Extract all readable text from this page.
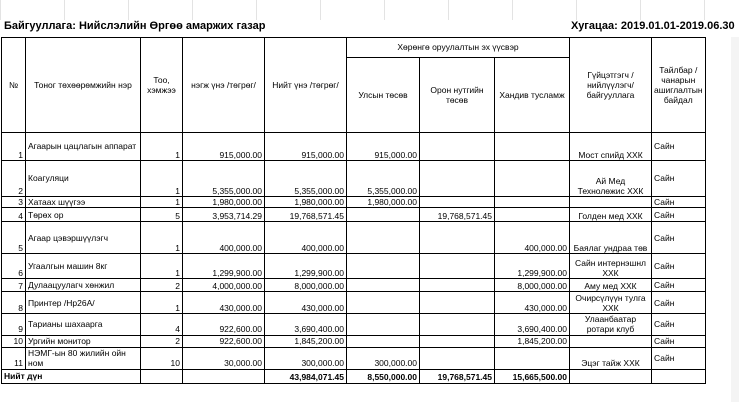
Байгууллага: Нийслэлийн Өргөө амаржих газар	Хугацаа: 2019.01.01-2019.06.30
№	Тоног төхөөрөмжийн нэр	Тоо, хэмжээ	нэгж үнэ /төгрөг/	Нийт үнэ /төгрөг/	Хөрөнгө оруулалтын эх үүсвэр			Гүйцэтгэгч /нийлүүлэгч/ байгууллага	Тайлбар /чанарын ашиглалтын байдал
					Улсын төсөв	Орон нутгийн төсөв	Хандив тусламж		
1	Агаарын цацлагын аппарат	1	915,000.00	915,000.00	915,000.00			Мост спийд ХХК	Сайн
2	Коагуляци	1	5,355,000.00	5,355,000.00	5,355,000.00			Ай Мед Технолөжис ХХК	Сайн
3	Хатаах шүүгээ	1	1,980,000.00	1,980,000.00	1,980,000.00				Сайн
4	Төрөх ор	5	3,953,714.29	19,768,571.45		19,768,571.45		Голден мед ХХК	Сайн
5	Агаар цэвэршүүлэгч	1	400,000.00	400,000.00			400,000.00	Баялаг ундраа төв	Сайн
6	Угаалгын машин 8кг	1	1,299,900.00	1,299,900.00			1,299,900.00	Сайн интернэшнл ХХК	Сайн
7	Дулаацуулагч хөнжил	2	4,000,000.00	8,000,000.00			8,000,000.00	Аму мед ХХК	Сайн
8	Принтер /Нр26А/	1	430,000.00	430,000.00			430,000.00	Очирсүлүүн тулга ХХК	Сайн
9	Тарианы шахаарга	4	922,600.00	3,690,400.00			3,690,400.00	Улаанбаатар ротари клуб	Сайн
10	Ургийн монитор	2	922,600.00	1,845,200.00			1,845,200.00		Сайн
11	НЭМГ-ын 80 жилийн ойн ном	10	30,000.00	300,000.00	300,000.00			Эцэг тайж ХХК	Сайн
Нийт дүн				43,984,071.45	8,550,000.00	19,768,571.45	15,665,500.00		
